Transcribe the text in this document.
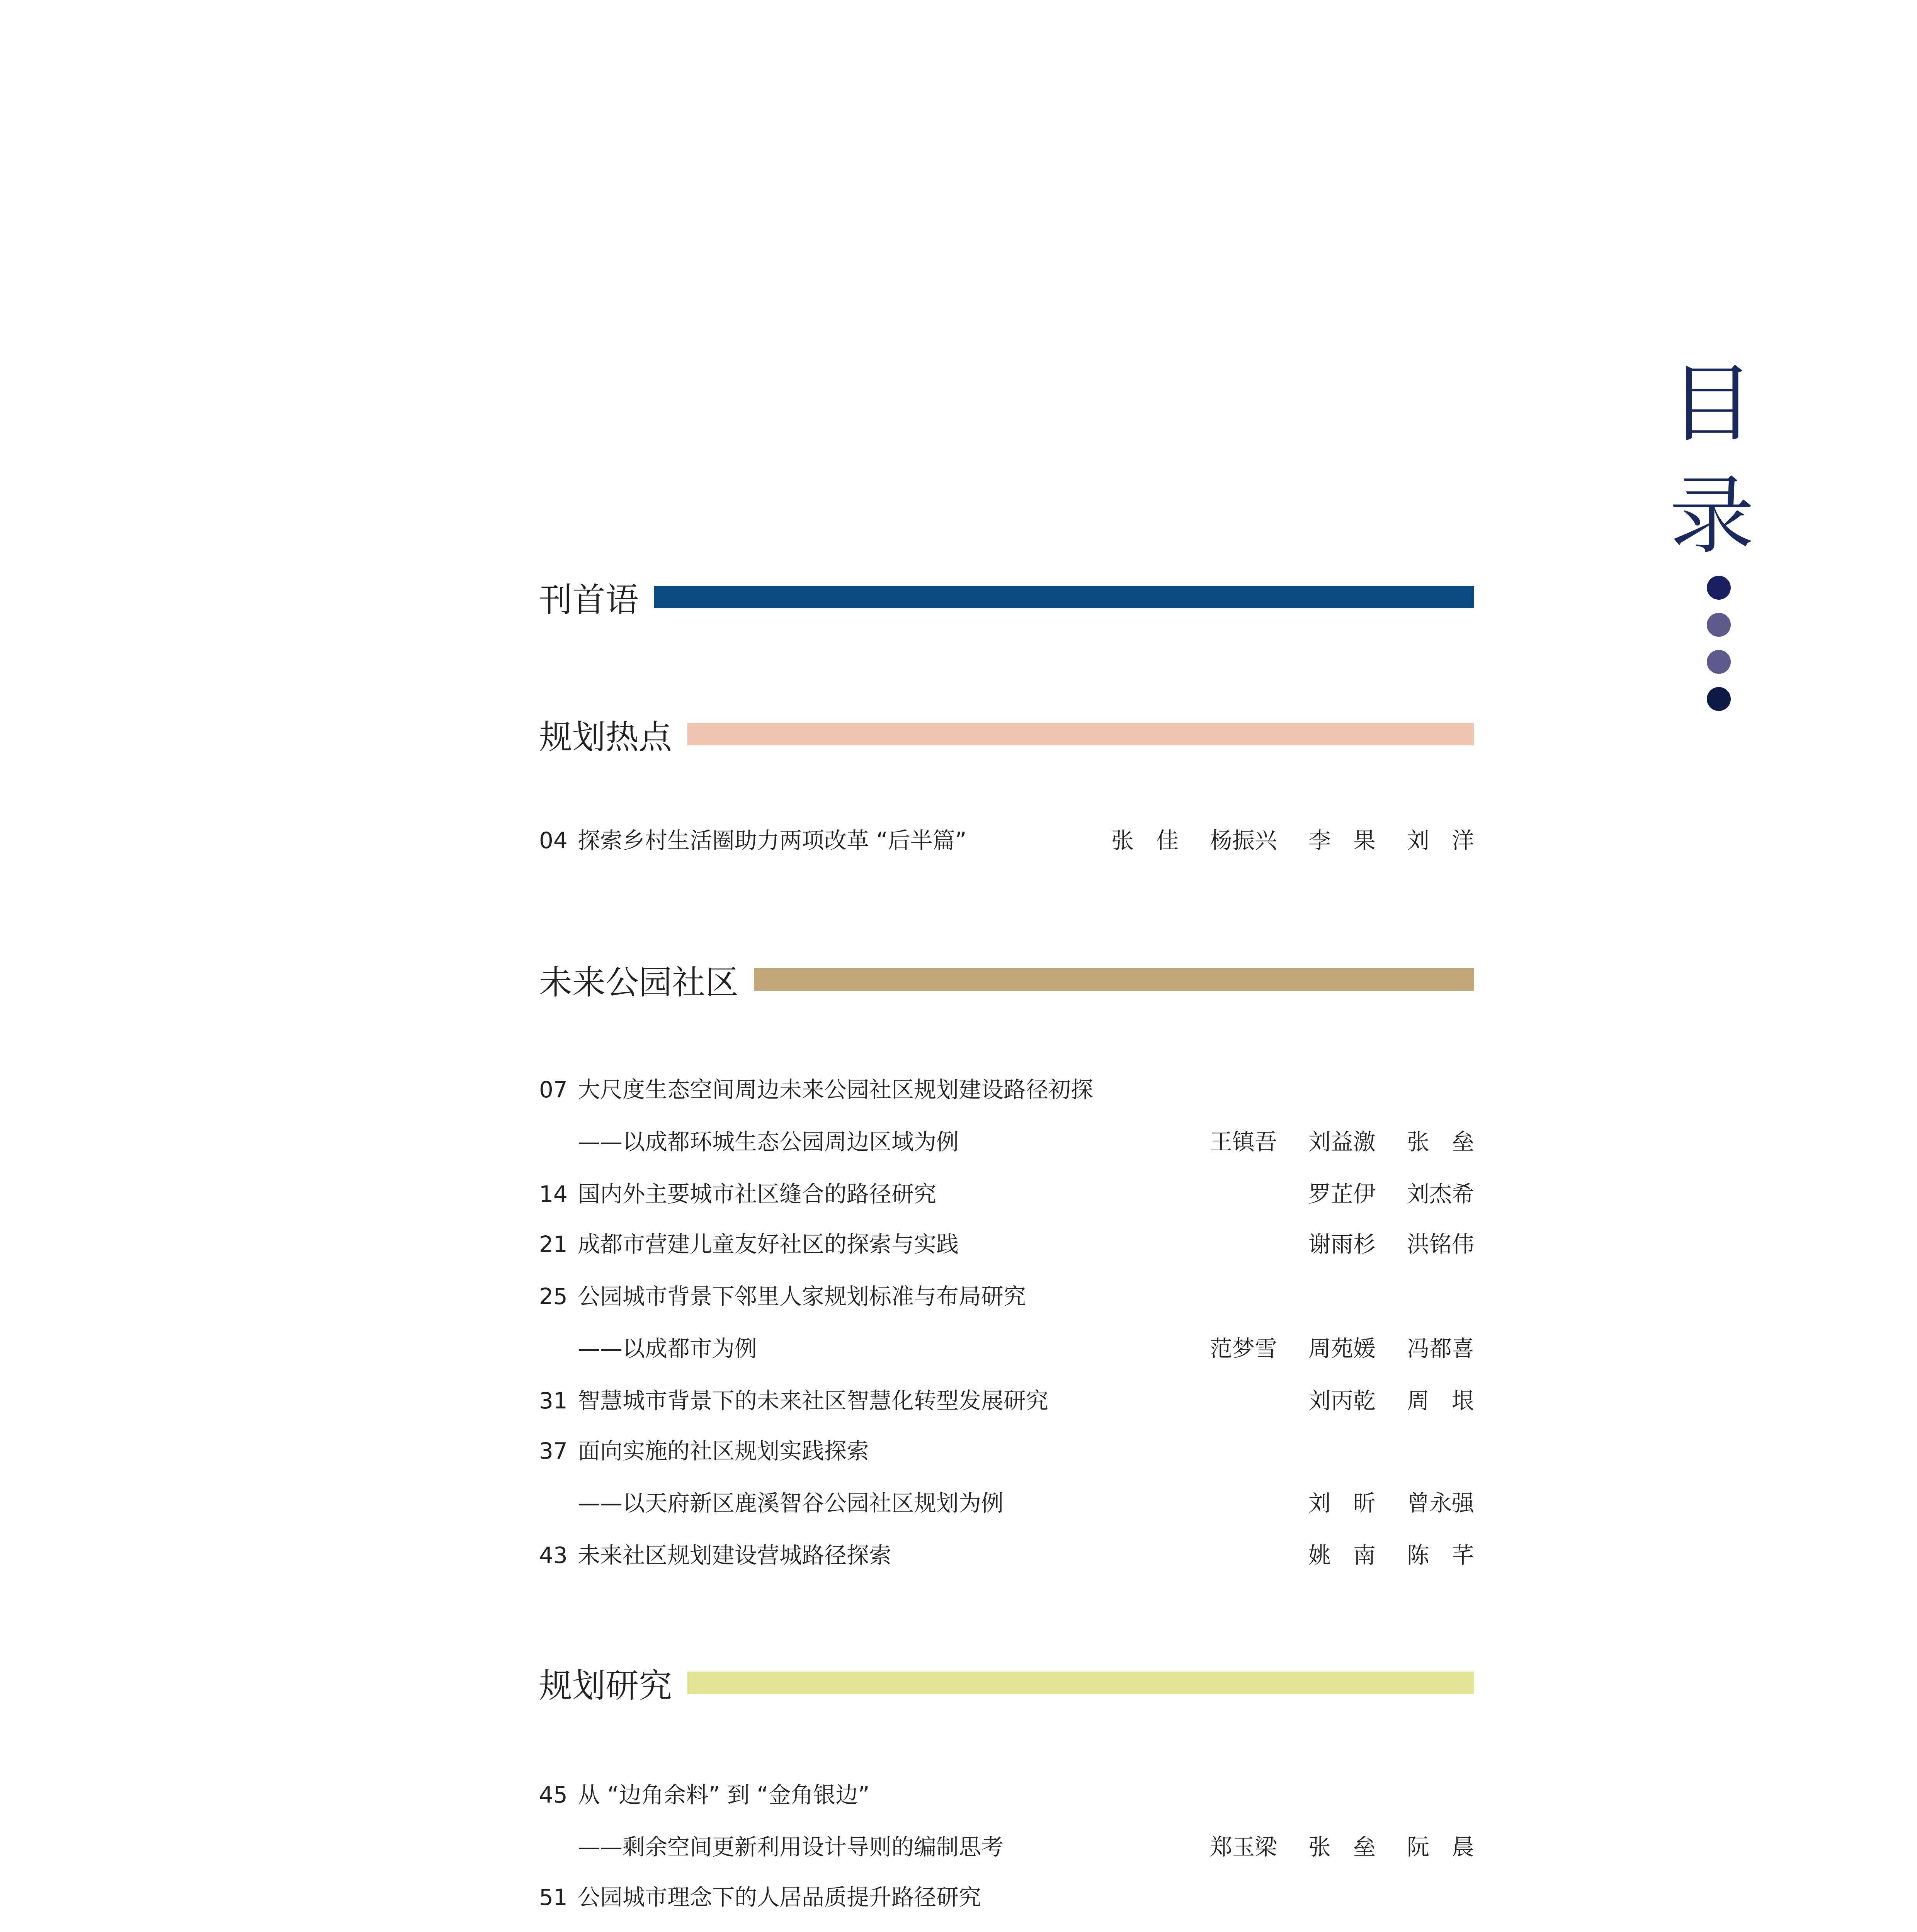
目
录
刊首语
规划热点
未来公园社区
规划研究
04 探索乡村生活圈助力两项改革 “后半篇”	张　佳	杨振兴	李　果	刘　洋
07 大尺度生态空间周边未来公园社区规划建设路径初探
——以成都环城生态公园周边区域为例	王镇吾	刘益激	张　垒
14 国内外主要城市社区缝合的路径研究	罗芷伊	刘杰希
21 成都市营建儿童友好社区的探索与实践	谢雨杉	洪铭伟
25 公园城市背景下邻里人家规划标准与布局研究
——以成都市为例	范梦雪	周苑媛	冯都喜
31 智慧城市背景下的未来社区智慧化转型发展研究	刘丙乾	周　垠
37 面向实施的社区规划实践探索
——以天府新区鹿溪智谷公园社区规划为例	刘　昕	曾永强
43 未来社区规划建设营城路径探索	姚　南	陈　芊
45 从 “边角余料” 到 “金角银边”
——剩余空间更新利用设计导则的编制思考	郑玉梁	张　垒	阮　晨
51 公园城市理念下的人居品质提升路径研究
